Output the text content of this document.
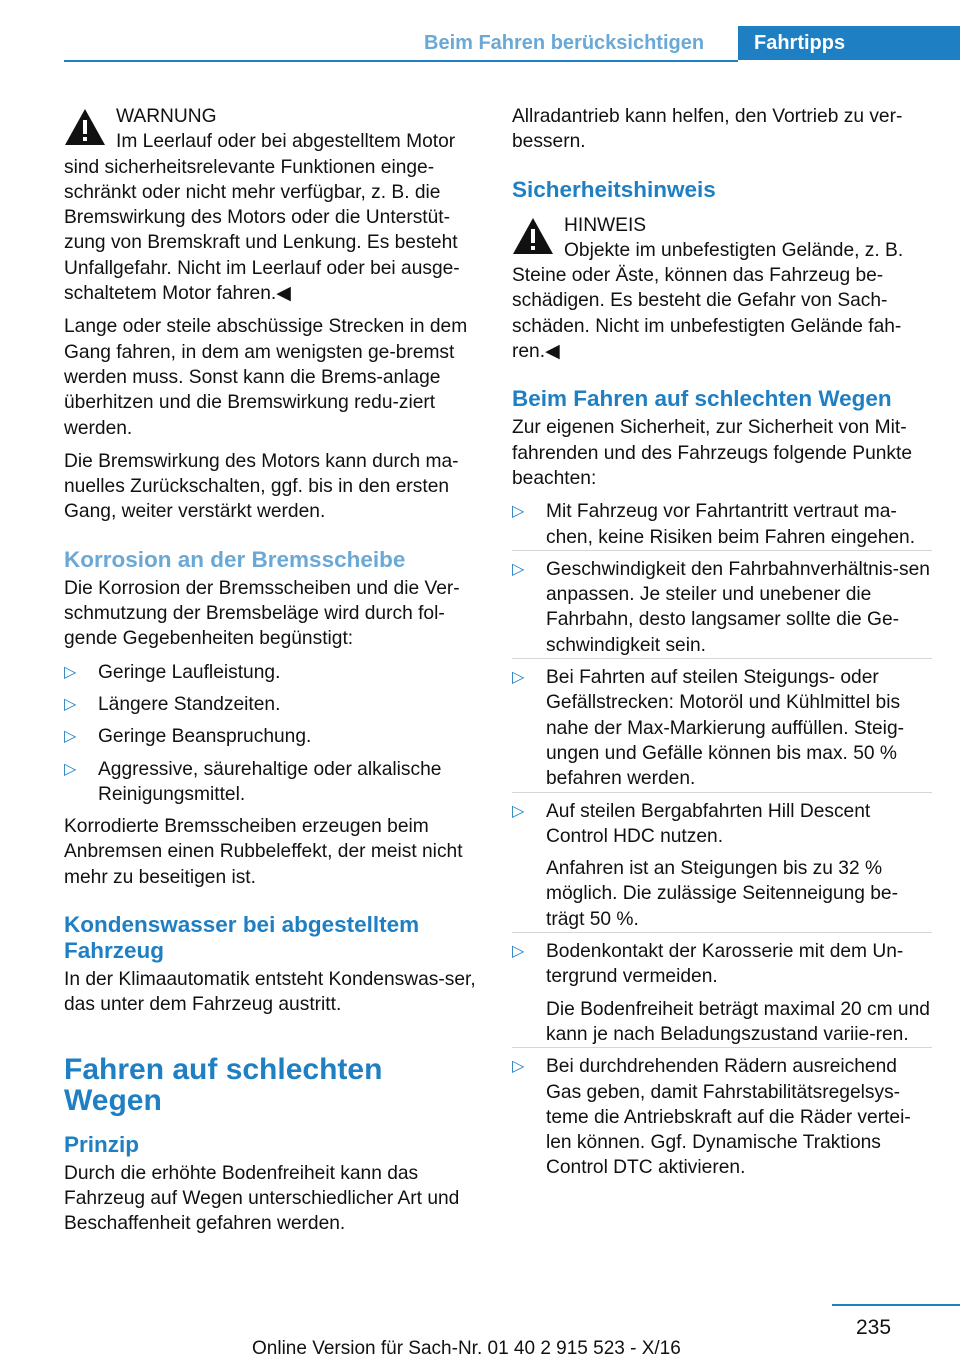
Beim Fahren berücksichtigen	Fahrtipps
WARNUNG
Im Leerlauf oder bei abgestelltem Motor sind sicherheitsrelevante Funktionen einge‐schränkt oder nicht mehr verfügbar, z. B. die Bremswirkung des Motors oder die Unterstüt‐zung von Bremskraft und Lenkung. Es besteht Unfallgefahr. Nicht im Leerlauf oder bei ausge‐schaltetem Motor fahren.◀

Lange oder steile abschüssige Strecken in dem Gang fahren, in dem am wenigsten ge‐bremst werden muss. Sonst kann die Brems‐anlage überhitzen und die Bremswirkung redu‐ziert werden.

Die Bremswirkung des Motors kann durch ma‐nuelles Zurückschalten, ggf. bis in den ersten Gang, weiter verstärkt werden.

Korrosion an der Bremsscheibe

Die Korrosion der Bremsscheiben und die Ver‐schmutzung der Bremsbeläge wird durch fol‐gende Gegebenheiten begünstigt:

▷ Geringe Laufleistung.
▷ Längere Standzeiten.
▷ Geringe Beanspruchung.
▷ Aggressive, säurehaltige oder alkalische Reinigungsmittel.

Korrodierte Bremsscheiben erzeugen beim Anbremsen einen Rubbeleffekt, der meist nicht mehr zu beseitigen ist.

Kondenswasser bei abgestelltem Fahrzeug

In der Klimaautomatik entsteht Kondenswas‐ser, das unter dem Fahrzeug austritt.

Fahren auf schlechten Wegen
Prinzip

Durch die erhöhte Bodenfreiheit kann das Fahrzeug auf Wegen unterschiedlicher Art und Beschaffenheit gefahren werden.

Allradantrieb kann helfen, den Vortrieb zu ver‐bessern.

Sicherheitshinweis
HINWEIS
Objekte im unbefestigten Gelände, z. B. Steine oder Äste, können das Fahrzeug be‐schädigen. Es besteht die Gefahr von Sach‐schäden. Nicht im unbefestigten Gelände fah‐ren.◀
Beim Fahren auf schlechten Wegen

Zur eigenen Sicherheit, zur Sicherheit von Mit‐fahrenden und des Fahrzeugs folgende Punkte beachten:

▷ Mit Fahrzeug vor Fahrtantritt vertraut ma‐chen, keine Risiken beim Fahren eingehen.
▷ Geschwindigkeit den Fahrbahnverhältnis‐sen anpassen. Je steiler und unebener die Fahrbahn, desto langsamer sollte die Ge‐schwindigkeit sein.
▷ Bei Fahrten auf steilen Steigungs- oder Gefällstrecken: Motoröl und Kühlmittel bis nahe der Max-Markierung auffüllen. Steig‐ungen und Gefälle können bis max. 50 % befahren werden.
▷ Auf steilen Bergabfahrten Hill Descent Control HDC nutzen.
Anfahren ist an Steigungen bis zu 32 % möglich. Die zulässige Seitenneigung be‐trägt 50 %.
▷ Bodenkontakt der Karosserie mit dem Un‐tergrund vermeiden.
Die Bodenfreiheit beträgt maximal 20 cm und kann je nach Beladungszustand variie‐ren.
▷ Bei durchdrehenden Rädern ausreichend Gas geben, damit Fahrstabilitätsregelsys‐teme die Antriebskraft auf die Räder vertei‐len können. Ggf. Dynamische Traktions Control DTC aktivieren.
235
Online Version für Sach-Nr. 01 40 2 915 523 - X/16
